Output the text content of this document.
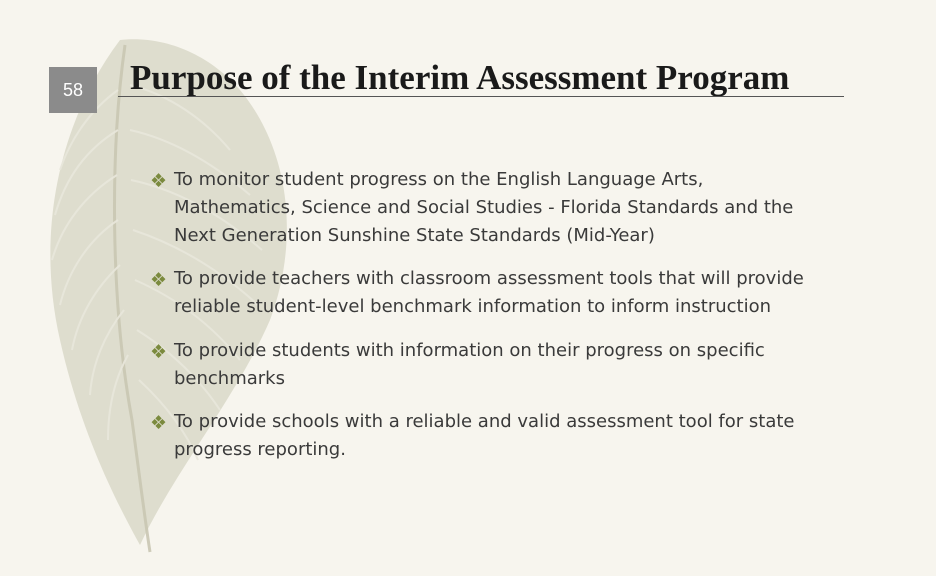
58	Purpose of the Interim Assessment Program
❖ To monitor student progress on the English Language Arts, Mathematics, Science and Social Studies - Florida Standards and the Next Generation Sunshine State Standards (Mid-Year)
❖ To provide teachers with classroom assessment tools that will provide reliable student-level benchmark information to inform instruction
❖ To provide students with information on their progress on specific benchmarks
❖ To provide schools with a reliable and valid assessment tool for state progress reporting.
